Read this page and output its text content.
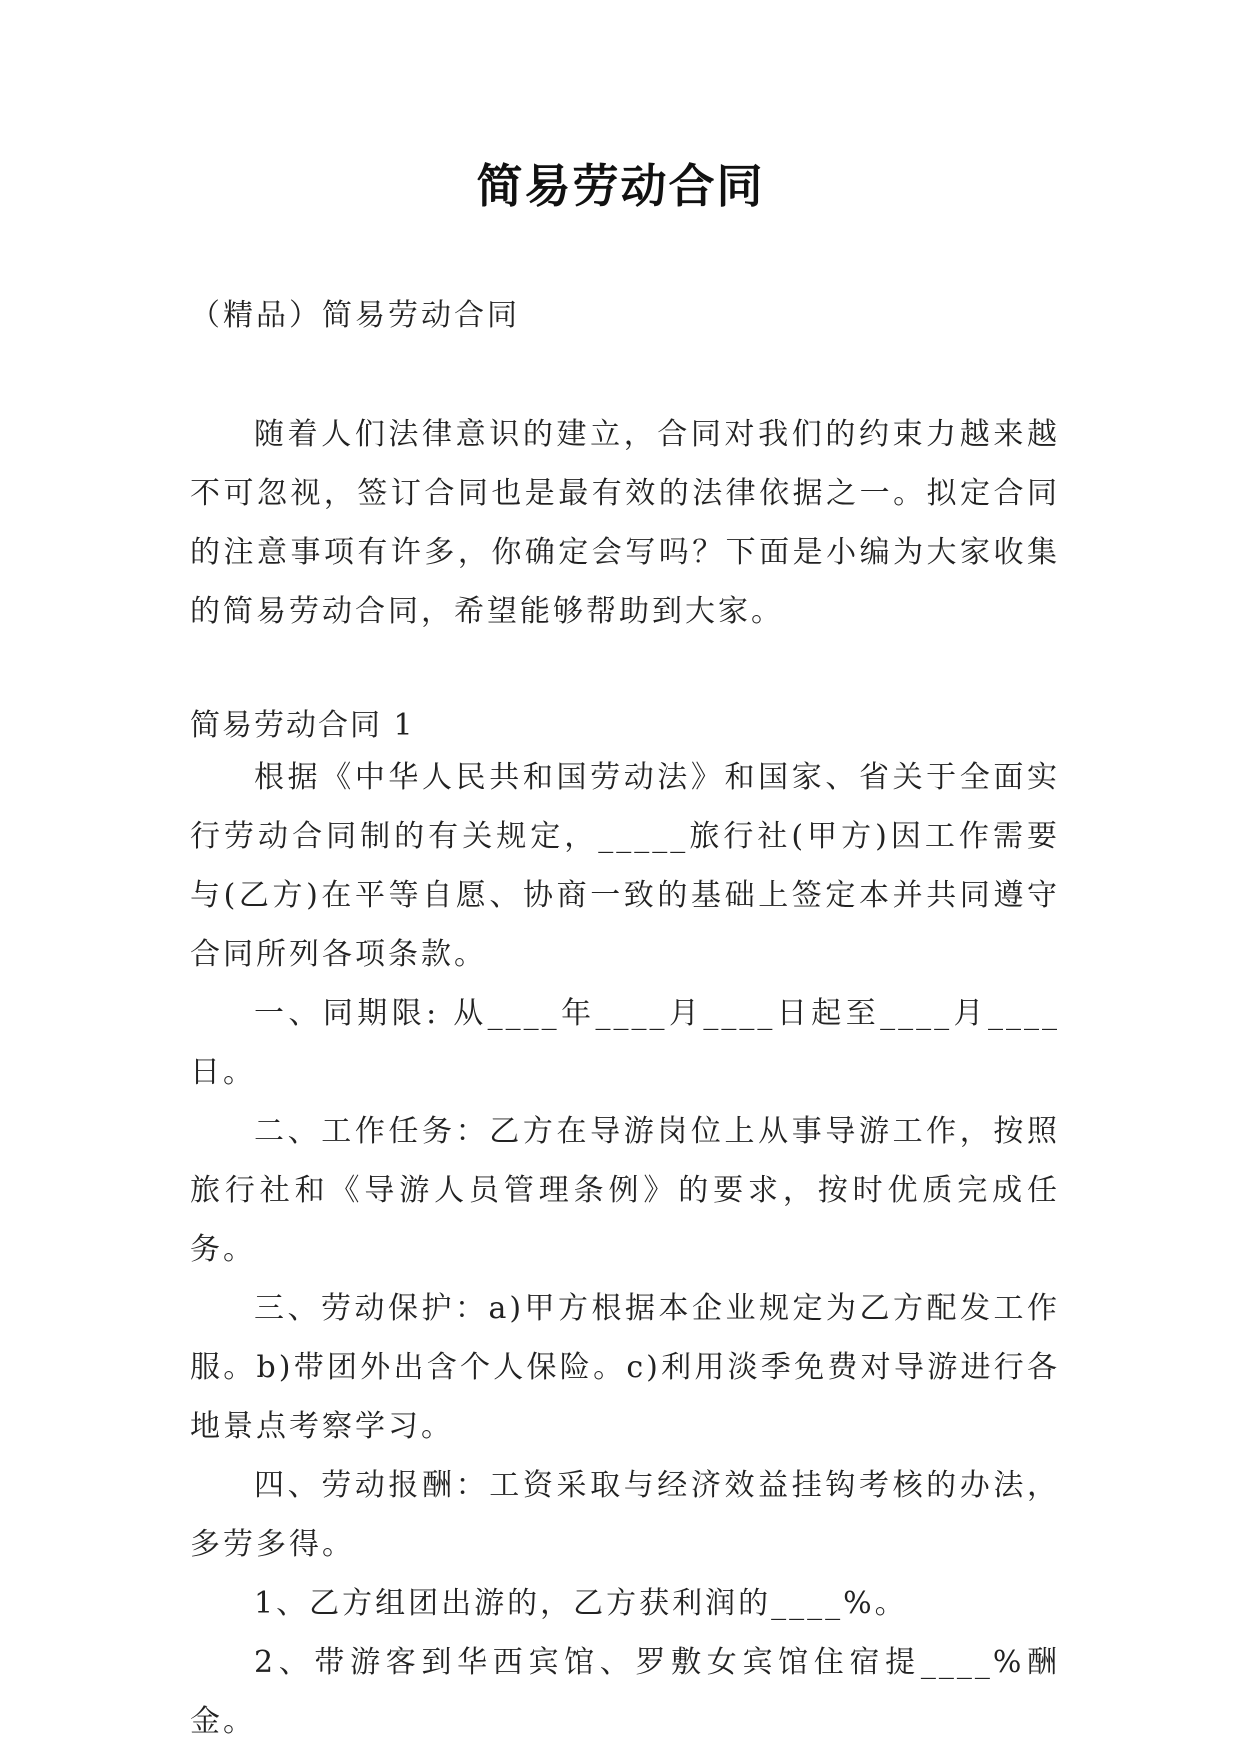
简易劳动合同
（精品）简易劳动合同

随着人们法律意识的建立，合同对我们的约束力越来越不可忽视，签订合同也是最有效的法律依据之一。拟定合同的注意事项有许多，你确定会写吗？下面是小编为大家收集的简易劳动合同，希望能够帮助到大家。

简易劳动合同 1

根据《中华人民共和国劳动法》和国家、省关于全面实行劳动合同制的有关规定，_____旅行社(甲方)因工作需要与(乙方)在平等自愿、协商一致的基础上签定本并共同遵守合同所列各项条款。

一、同期限: 从____年____月____日起至____月____日。

二、工作任务：乙方在导游岗位上从事导游工作，按照旅行社和《导游人员管理条例》的要求，按时优质完成任务。

三、劳动保护：a)甲方根据本企业规定为乙方配发工作服。b)带团外出含个人保险。c)利用淡季免费对导游进行各地景点考察学习。

四、劳动报酬：工资采取与经济效益挂钩考核的办法，多劳多得。

1、乙方组团出游的，乙方获利润的____%。

2、带游客到华西宾馆、罗敷女宾馆住宿提____%酬金。
